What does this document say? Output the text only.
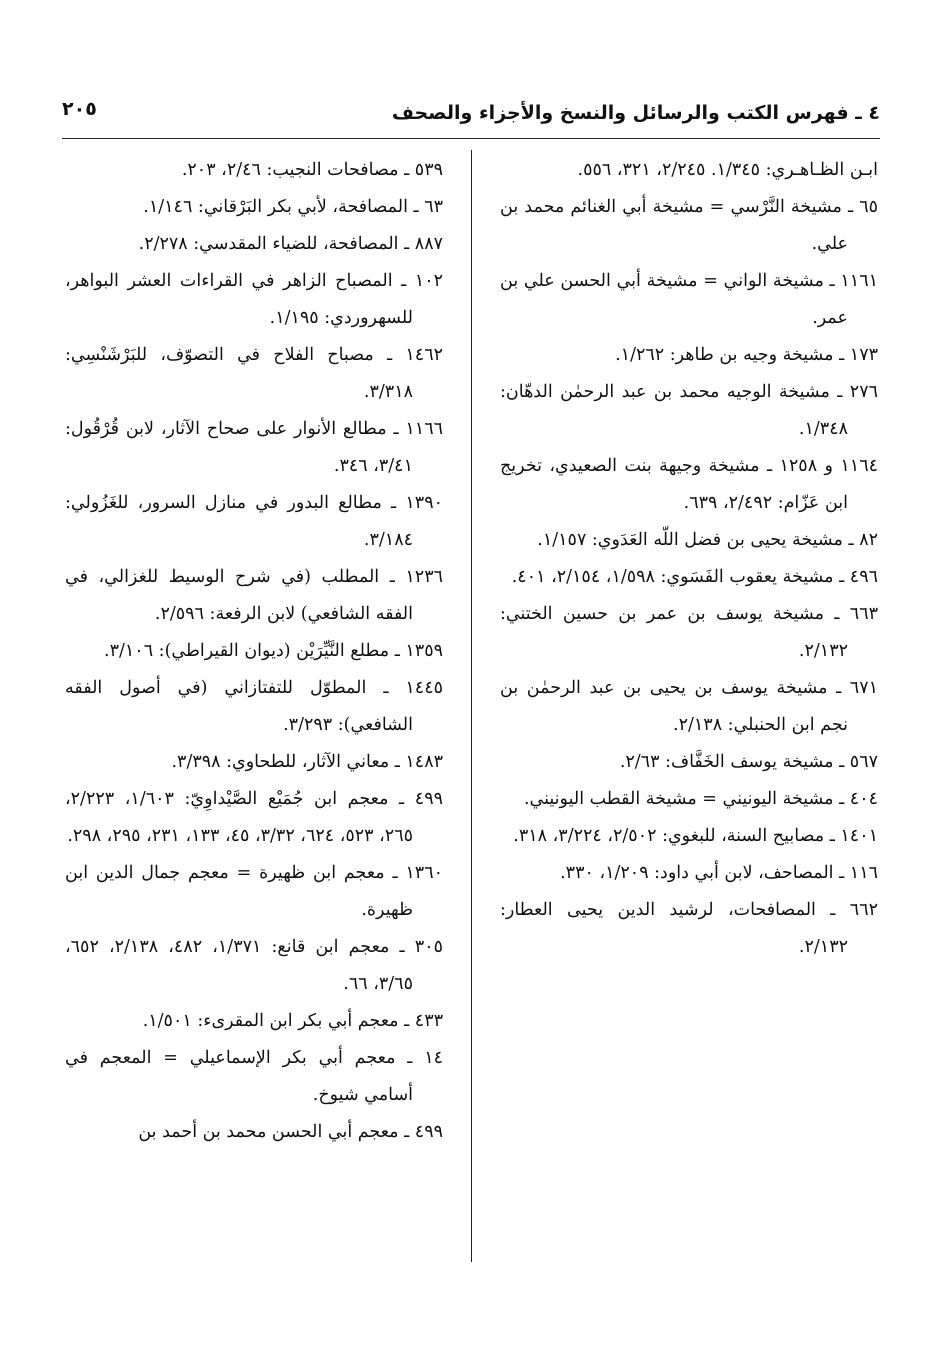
٤ ـ فهرس الكتب والرسائل والنسخ والأجزاء والصحف
٢٠٥

ابـن الظـاهـري: ١/٣٤٥. ٢/٢٤٥، ٣٢١، ٥٥٦.

٦٥ ـ مشيخة النَّرْسي = مشيخة أبي الغنائم محمد بن علي.

١١٦١ ـ مشيخة الواني = مشيخة أبي الحسن علي بن عمر.

١٧٣ ـ مشيخة وجيه بن طاهر: ١/٢٦٢.

٢٧٦ ـ مشيخة الوجيه محمد بن عبد الرحمٰن الدهّان: ١/٣٤٨.

١١٦٤ و ١٢٥٨ ـ مشيخة وجيهة بنت الصعيدي، تخريج ابن عَزّام: ٢/٤٩٢، ٦٣٩.

٨٢ ـ مشيخة يحيى بن فضل اللّه العَدَوي: ١/١٥٧.

٤٩٦ ـ مشيخة يعقوب الفَسَوي: ١/٥٩٨، ٢/١٥٤، ٤٠١.

٦٦٣ ـ مشيخة يوسف بن عمر بن حسين الختني: ٢/١٣٢.

٦٧١ ـ مشيخة يوسف بن يحيى بن عبد الرحمٰن بن نجم ابن الحنبلي: ٢/١٣٨.

٥٦٧ ـ مشيخة يوسف الخَفَّاف: ٢/٦٣.

٤٠٤ ـ مشيخة اليونيني = مشيخة القطب اليونيني.

١٤٠١ ـ مصابيح السنة، للبغوي: ٢/٥٠٢، ٣/٢٢٤، ٣١٨.

١١٦ ـ المصاحف، لابن أبي داود: ١/٢٠٩، ٣٣٠.

٦٦٢ ـ المصافحات، لرشيد الدين يحيى العطار: ٢/١٣٢.

٥٣٩ ـ مصافحات النجيب: ٢/٤٦، ٢٠٣.

٦٣ ـ المصافحة، لأبي بكر البَرْقاني: ١/١٤٦.

٨٨٧ ـ المصافحة، للضياء المقدسي: ٢/٢٧٨.

١٠٢ ـ المصباح الزاهر في القراءات العشر البواهر، للسهروردي: ١/١٩٥.

١٤٦٢ ـ مصباح الفلاح في التصوّف، للبَرْشَنْسِي: ٣/٣١٨.

١١٦٦ ـ مطالع الأنوار على صحاح الآثار، لابن قُرْقُول: ٣/٤١، ٣٤٦.

١٣٩٠ ـ مطالع البدور في منازل السرور، للغَزُولي: ٣/١٨٤.

١٢٣٦ ـ المطلب (في شرح الوسيط للغزالي، في الفقه الشافعي) لابن الرفعة: ٢/٥٩٦.

١٣٥٩ ـ مطلع النَّيِّرَيْن (ديوان القيراطي): ٣/١٠٦.

١٤٤٥ ـ المطوّل للتفتازاني (في أصول الفقه الشافعي): ٣/٢٩٣.

١٤٨٣ ـ معاني الآثار، للطحاوي: ٣/٣٩٨.

٤٩٩ ـ معجم ابن جُمَيْع الصَّيْداوِيّ: ١/٦٠٣، ٢/٢٢٣، ٢٦٥، ٥٢٣، ٦٢٤، ٣/٣٢، ٤٥، ١٣٣، ٢٣١، ٢٩٥، ٢٩٨.

١٣٦٠ ـ معجم ابن ظهيرة = معجم جمال الدين ابن ظهيرة.

٣٠٥ ـ معجم ابن قانع: ١/٣٧١، ٤٨٢، ٢/١٣٨، ٦٥٢، ٣/٦٥، ٦٦.

٤٣٣ ـ معجم أبي بكر ابن المقرىء: ١/٥٠١.

١٤ ـ معجم أبي بكر الإسماعيلي = المعجم في أسامي شيوخ.

٤٩٩ ـ معجم أبي الحسن محمد بن أحمد بن
